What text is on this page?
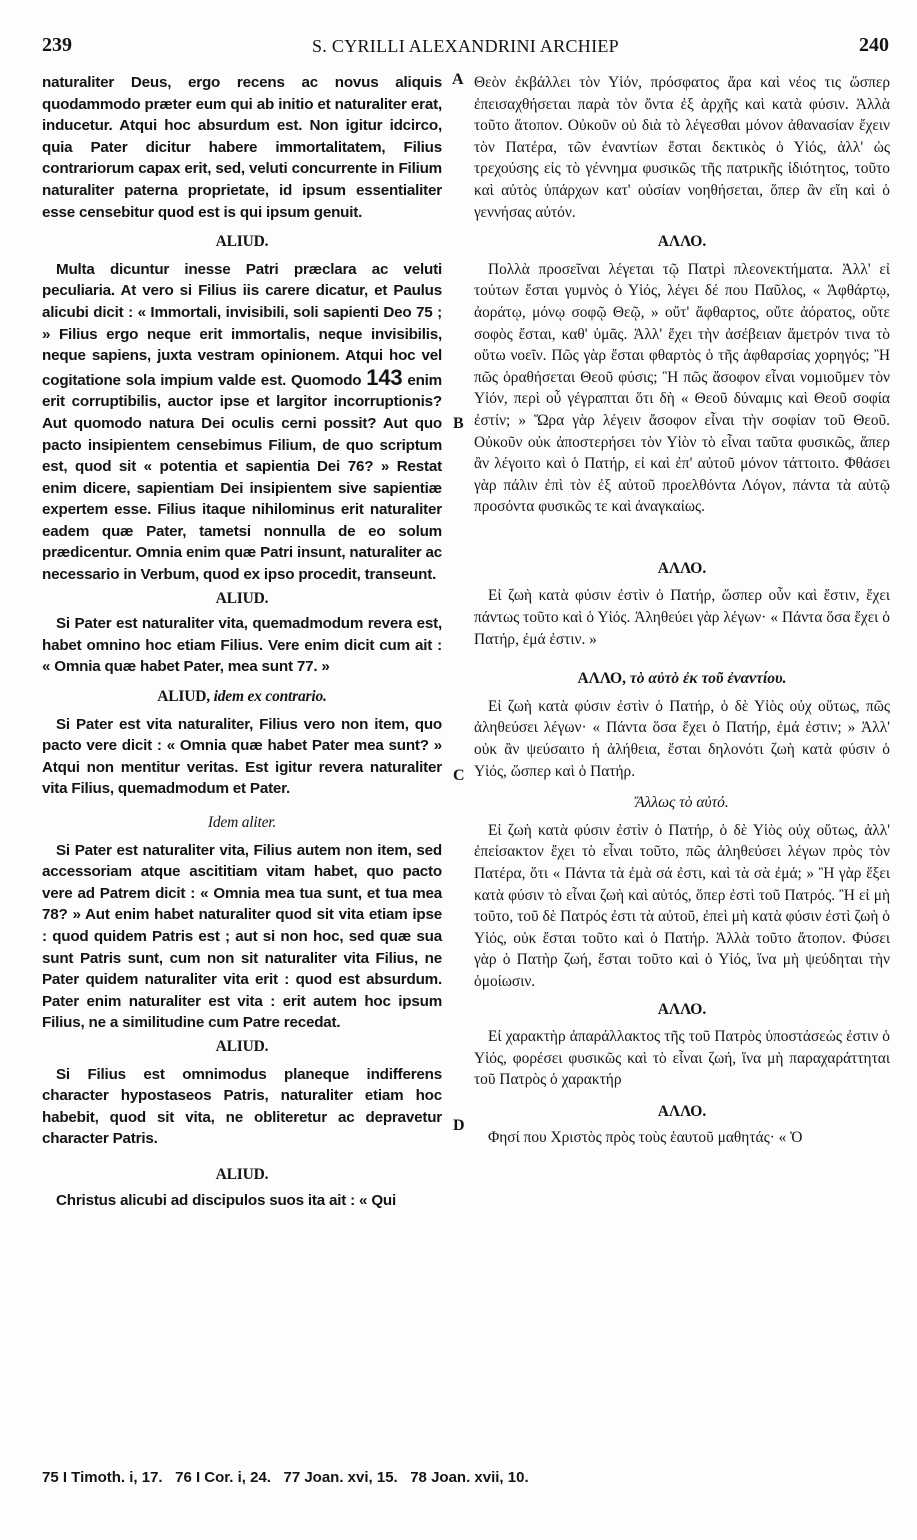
239	S. CYRILLI ALEXANDRINI ARCHIEP	240
A
B
C
D

naturaliter Deus, ergo recens ac novus aliquis quodammodo præter eum qui ab initio et naturaliter erat, inducetur. Atqui hoc absurdum est. Non igitur idcirco, quia Pater dicitur habere immortalitatem, Filius contrariorum capax erit, sed, veluti concurrente in Filium naturaliter paterna proprietate, id ipsum essentialiter esse censebitur quod est is qui ipsum genuit.

ALIUD.

Multa dicuntur inesse Patri præclara ac veluti peculiaria. At vero si Filius iis carere dicatur, et Paulus alicubi dicit : « Immortali, invisibili, soli sapienti Deo 75 ; » Filius ergo neque erit immortalis, neque invisibilis, neque sapiens, juxta vestram opinionem. Atqui hoc vel cogitatione sola impium valde est. Quomodo 143 enim erit corruptibilis, auctor ipse et largitor incorruptionis? Aut quomodo natura Dei oculis cerni possit? Aut quo pacto insipientem censebimus Filium, de quo scriptum est, quod sit « potentia et sapientia Dei 76? » Restat enim dicere, sapientiam Dei insipientem sive sapientiæ expertem esse. Filius itaque nihilominus erit naturaliter eadem quæ Pater, tametsi nonnulla de eo solum prædicentur. Omnia enim quæ Patri insunt, naturaliter ac necessario in Verbum, quod ex ipso procedit, transeunt.

ALIUD.

Si Pater est naturaliter vita, quemadmodum revera est, habet omnino hoc etiam Filius. Vere enim dicit cum ait : « Omnia quæ habet Pater, mea sunt 77. »

ALIUD, idem ex contrario.

Si Pater est vita naturaliter, Filius vero non item, quo pacto vere dicit : « Omnia quæ habet Pater mea sunt? » Atqui non mentitur veritas. Est igitur revera naturaliter vita Filius, quemadmodum et Pater.

Idem aliter.

Si Pater est naturaliter vita, Filius autem non item, sed accessoriam atque ascititiam vitam habet, quo pacto vere ad Patrem dicit : « Omnia mea tua sunt, et tua mea 78? » Aut enim habet naturaliter quod sit vita etiam ipse : quod quidem Patris est ; aut si non hoc, sed quæ sua sunt Patris sunt, cum non sit naturaliter vita Filius, ne Pater quidem naturaliter vita erit : quod est absurdum. Pater enim naturaliter est vita : erit autem hoc ipsum Filius, ne a similitudine cum Patre recedat.

ALIUD.

Si Filius est omnimodus planeque indifferens character hypostaseos Patris, naturaliter etiam hoc habebit, quod sit vita, ne obliteretur ac depravetur character Patris.

ALIUD.

Christus alicubi ad discipulos suos ita ait : « Qui

Θεὸν ἐκβάλλει τὸν Υἱόν, πρόσφατος ἄρα καὶ νέος τις ὥσπερ ἐπεισαχθήσεται παρὰ τὸν ὄντα ἐξ ἀρχῆς καὶ κατὰ φύσιν. Ἀλλὰ τοῦτο ἄτοπον. Οὐκοῦν οὐ διὰ τὸ λέγεσθαι μόνον ἀθανασίαν ἔχειν τὸν Πατέρα, τῶν ἐναντίων ἔσται δεκτικὸς ὁ Υἱός, ἀλλ' ὡς τρεχούσης εἰς τὸ γέννημα φυσικῶς τῆς πατρικῆς ἰδιότητος, τοῦτο καὶ αὐτὸς ὑπάρχων κατ' οὐσίαν νοηθήσεται, ὅπερ ἂν εἴη καὶ ὁ γεννήσας αὐτόν.

ΑΛΛΟ.

Πολλὰ προσεῖναι λέγεται τῷ Πατρὶ πλεονεκτήματα. Ἀλλ' εἰ τούτων ἔσται γυμνὸς ὁ Υἱός, λέγει δέ που Παῦλος, « Ἀφθάρτῳ, ἀοράτῳ, μόνῳ σοφῷ Θεῷ, » οὔτ' ἄφθαρτος, οὔτε ἀόρατος, οὔτε σοφὸς ἔσται, καθ' ὑμᾶς. Ἀλλ' ἔχει τὴν ἀσέβειαν ἄμετρόν τινα τὸ οὕτω νοεῖν. Πῶς γὰρ ἔσται φθαρτὸς ὁ τῆς ἀφθαρσίας χορηγός; Ἢ πῶς ὁραθήσεται Θεοῦ φύσις; Ἢ πῶς ἄσοφον εἶναι νομιοῦμεν τὸν Υἱόν, περὶ οὗ γέγραπται ὅτι δὴ « Θεοῦ δύναμις καὶ Θεοῦ σοφία ἐστίν; » Ὥρα γὰρ λέγειν ἄσοφον εἶναι τὴν σοφίαν τοῦ Θεοῦ. Οὐκοῦν οὐκ ἀποστερήσει τὸν Υἱὸν τὸ εἶναι ταῦτα φυσικῶς, ἅπερ ἂν λέγοιτο καὶ ὁ Πατήρ, εἰ καὶ ἐπ' αὐτοῦ μόνον τάττοιτο. Φθάσει γὰρ πάλιν ἐπὶ τὸν ἐξ αὐτοῦ προελθόντα Λόγον, πάντα τὰ αὐτῷ προσόντα φυσικῶς τε καὶ ἀναγκαίως.

ΑΛΛΟ.

Εἰ ζωὴ κατὰ φύσιν ἐστὶν ὁ Πατήρ, ὥσπερ οὖν καὶ ἔστιν, ἔχει πάντως τοῦτο καὶ ὁ Υἱός. Ἀληθεύει γὰρ λέγων· « Πάντα ὅσα ἔχει ὁ Πατήρ, ἐμά ἐστιν. »

ΑΛΛΟ, τὸ αὐτὸ ἐκ τοῦ ἐναντίου.

Εἰ ζωὴ κατὰ φύσιν ἐστὶν ὁ Πατήρ, ὁ δὲ Υἱὸς οὐχ οὕτως, πῶς ἀληθεύσει λέγων· « Πάντα ὅσα ἔχει ὁ Πατήρ, ἐμά ἐστιν; » Ἀλλ' οὐκ ἂν ψεύσαιτο ἡ ἀλήθεια, ἔσται δηλονότι ζωὴ κατὰ φύσιν ὁ Υἱός, ὥσπερ καὶ ὁ Πατήρ.

Ἄλλως τὸ αὐτό.

Εἰ ζωὴ κατὰ φύσιν ἐστὶν ὁ Πατήρ, ὁ δὲ Υἱὸς οὐχ οὕτως, ἀλλ' ἐπείσακτον ἔχει τὸ εἶναι τοῦτο, πῶς ἀληθεύσει λέγων πρὸς τὸν Πατέρα, ὅτι « Πάντα τὰ ἐμὰ σά ἐστι, καὶ τὰ σὰ ἐμά; » Ἢ γὰρ ἕξει κατὰ φύσιν τὸ εἶναι ζωὴ καὶ αὐτός, ὅπερ ἐστὶ τοῦ Πατρός. Ἢ εἰ μὴ τοῦτο, τοῦ δὲ Πατρός ἐστι τὰ αὐτοῦ, ἐπεὶ μὴ κατὰ φύσιν ἐστὶ ζωὴ ὁ Υἱός, οὐκ ἔσται τοῦτο καὶ ὁ Πατήρ. Ἀλλὰ τοῦτο ἄτοπον. Φύσει γὰρ ὁ Πατὴρ ζωή, ἔσται τοῦτο καὶ ὁ Υἱός, ἵνα μὴ ψεύδηται τὴν ὁμοίωσιν.

ΑΛΛΟ.

Εἰ χαρακτὴρ ἀπαράλλακτος τῆς τοῦ Πατρὸς ὑποστάσεώς ἐστιν ὁ Υἱός, φορέσει φυσικῶς καὶ τὸ εἶναι ζωή, ἵνα μὴ παραχαράττηται τοῦ Πατρὸς ὁ χαρακτήρ

ΑΛΛΟ.

Φησί που Χριστὸς πρὸς τοὺς ἑαυτοῦ μαθητάς· « Ὁ

75 I Timoth. i, 17.   76 I Cor. i, 24.   77 Joan. xvi, 15.   78 Joan. xvii, 10.
